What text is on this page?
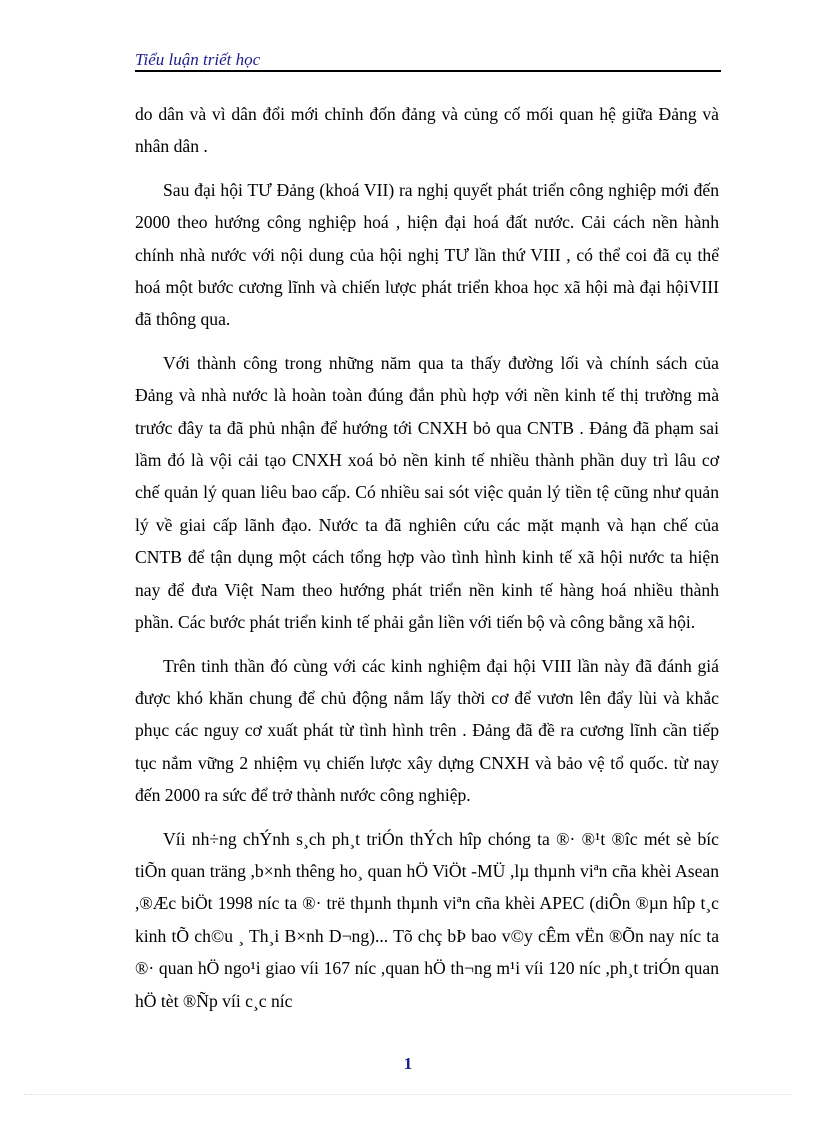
Tiểu luận triết học

do dân và vì dân đổi mới chỉnh đốn đảng và củng cố mối quan hệ giữa Đảng và nhân dân .

Sau đại hội TƯ Đảng (khoá VII) ra nghị quyết phát triển công nghiệp mới đến 2000 theo hướng công nghiệp hoá , hiện đại hoá đất nước. Cải cách nền hành chính nhà nước với nội dung của hội nghị TƯ lần thứ VIII , có thể coi đã cụ thể hoá một bước cương lĩnh và chiến lược phát triển khoa học xã hội mà đại hộiVIII đã thông qua.

Với thành công trong những năm qua ta thấy đường lối và chính sách của Đảng và nhà nước là hoàn toàn đúng đắn phù hợp với nền kinh tế thị trường mà trước đây ta đã phủ nhận để hướng tới CNXH bỏ qua CNTB . Đảng đã phạm sai lầm đó là vội cải tạo CNXH xoá bỏ nền kinh tế nhiều thành phần duy trì lâu cơ chế quản lý quan liêu bao cấp. Có nhiều sai sót việc quản lý tiền tệ cũng như quản lý về giai cấp lãnh đạo. Nước ta đã nghiên cứu các mặt mạnh và hạn chế của CNTB để tận dụng một cách tổng hợp vào tình hình kinh tế xã hội nước ta hiện nay để đưa Việt Nam theo hướng phát triển nền kinh tế hàng hoá nhiều thành phần. Các bước phát triển kinh tế phải gắn liền với tiến bộ và công bằng xã hội.

Trên tinh thần đó cùng với các kinh nghiệm đại hội VIII lần này đã đánh giá được khó khăn chung để chủ động nắm lấy thời cơ để vươn lên đẩy lùi và khắc phục các nguy cơ xuất phát từ tình hình trên . Đảng đã đề ra cương lĩnh cần tiếp tục nắm vững 2 nhiệm vụ chiến lược xây dựng CNXH và bảo vệ tổ quốc. từ nay đến 2000 ra sức để trở thành nước công nghiệp.

Víi nh÷ng chÝnh s¸ch ph¸t triÓn thÝch hîp chóng ta ®· ®¹t ®îc mét sè bíc tiÕn quan träng ,b×nh thêng ho¸ quan hÖ ViÖt -MÜ ,lµ thµnh viªn cña khèi Asean ,®Æc biÖt 1998 níc ta ®· trë thµnh thµnh viªn cña khèi APEC (diÔn ®µn hîp t¸c kinh tÕ ch©u ¸ Th¸i B×nh D¬ng)... Tõ chç bÞ bao v©y cÊm vËn ®Õn nay níc ta ®· quan hÖ ngo¹i giao víi 167 níc ,quan hÖ th¬ng m¹i víi 120 níc ,ph¸t triÓn quan hÖ tèt ®Ñp víi c¸c níc

1
